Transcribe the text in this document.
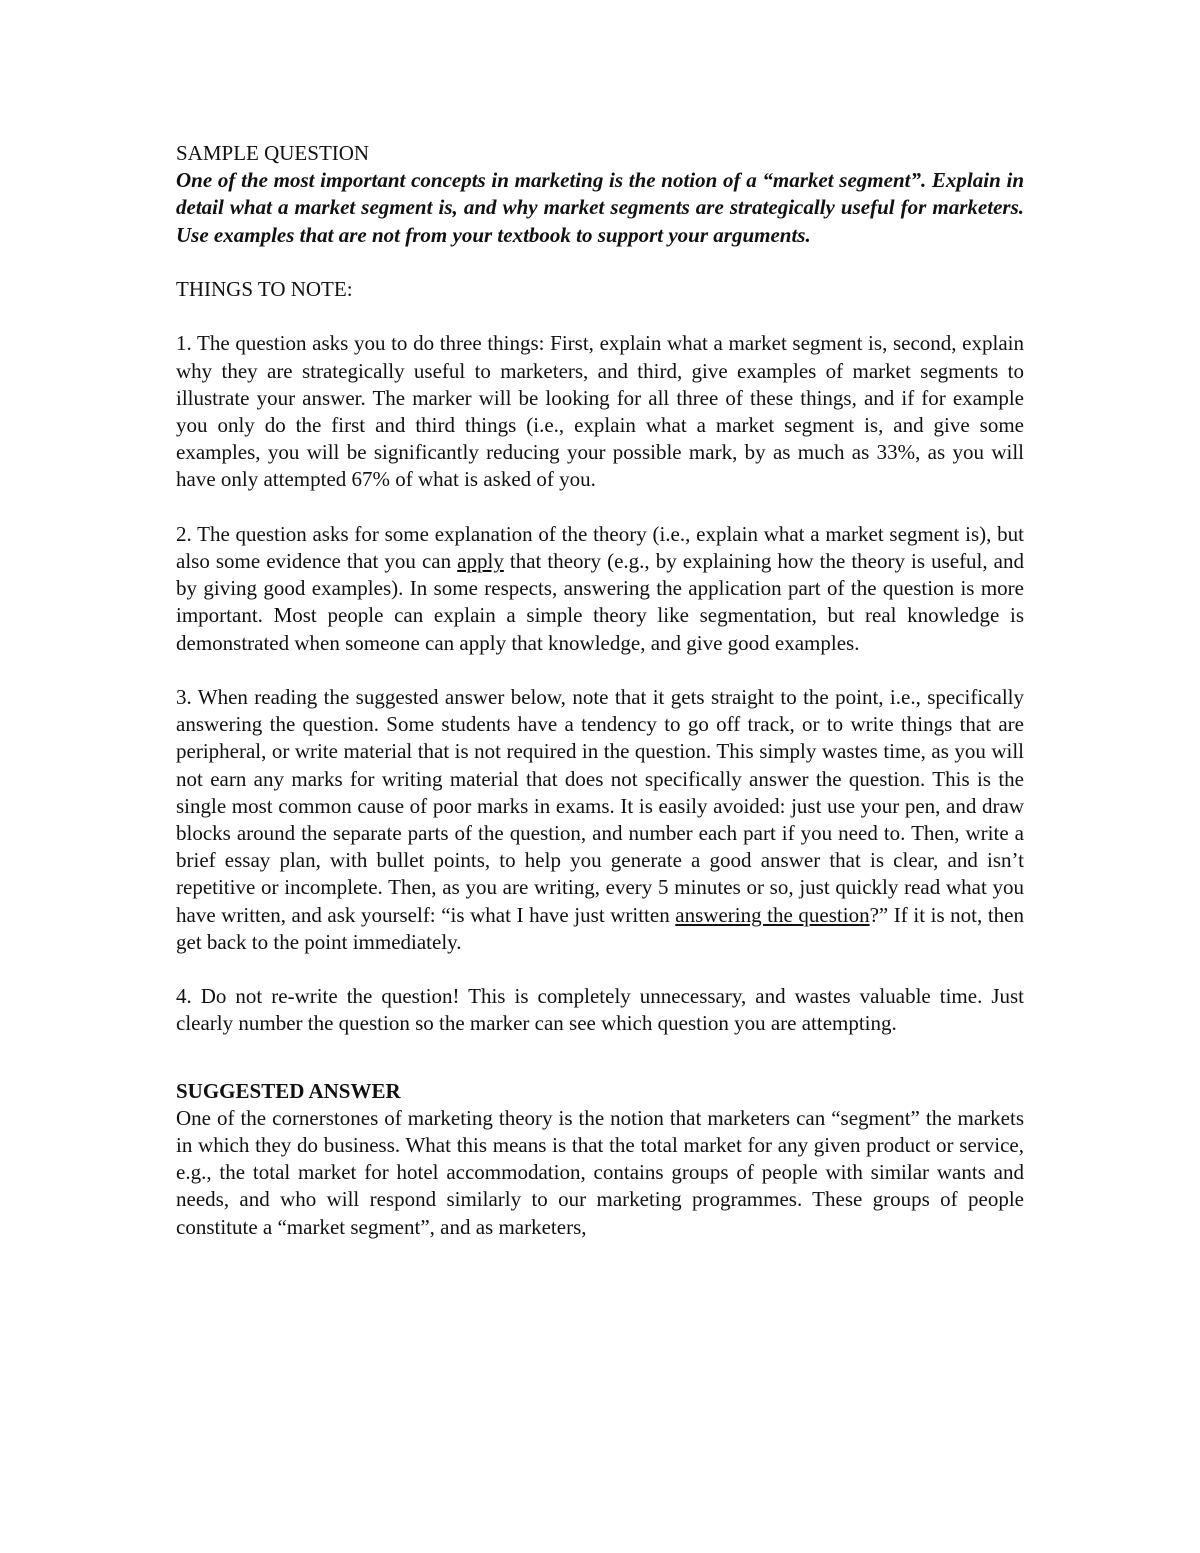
SAMPLE QUESTION

One of the most important concepts in marketing is the notion of a “market segment”. Explain in detail what a market segment is, and why market segments are strategically useful for marketers. Use examples that are not from your textbook to support your arguments.

THINGS TO NOTE:

1. The question asks you to do three things: First, explain what a market segment is, second, explain why they are strategically useful to marketers, and third, give examples of market segments to illustrate your answer. The marker will be looking for all three of these things, and if for example you only do the first and third things (i.e., explain what a market segment is, and give some examples, you will be significantly reducing your possible mark, by as much as 33%, as you will have only attempted 67% of what is asked of you.

2. The question asks for some explanation of the theory (i.e., explain what a market segment is), but also some evidence that you can apply that theory (e.g., by explaining how the theory is useful, and by giving good examples). In some respects, answering the application part of the question is more important. Most people can explain a simple theory like segmentation, but real knowledge is demonstrated when someone can apply that knowledge, and give good examples.

3. When reading the suggested answer below, note that it gets straight to the point, i.e., specifically answering the question. Some students have a tendency to go off track, or to write things that are peripheral, or write material that is not required in the question. This simply wastes time, as you will not earn any marks for writing material that does not specifically answer the question. This is the single most common cause of poor marks in exams. It is easily avoided: just use your pen, and draw blocks around the separate parts of the question, and number each part if you need to. Then, write a brief essay plan, with bullet points, to help you generate a good answer that is clear, and isn’t repetitive or incomplete. Then, as you are writing, every 5 minutes or so, just quickly read what you have written, and ask yourself: “is what I have just written answering the question?” If it is not, then get back to the point immediately.

4. Do not re-write the question! This is completely unnecessary, and wastes valuable time. Just clearly number the question so the marker can see which question you are attempting.

SUGGESTED ANSWER

One of the cornerstones of marketing theory is the notion that marketers can “segment” the markets in which they do business. What this means is that the total market for any given product or service, e.g., the total market for hotel accommodation, contains groups of people with similar wants and needs, and who will respond similarly to our marketing programmes. These groups of people constitute a “market segment”, and as marketers,
